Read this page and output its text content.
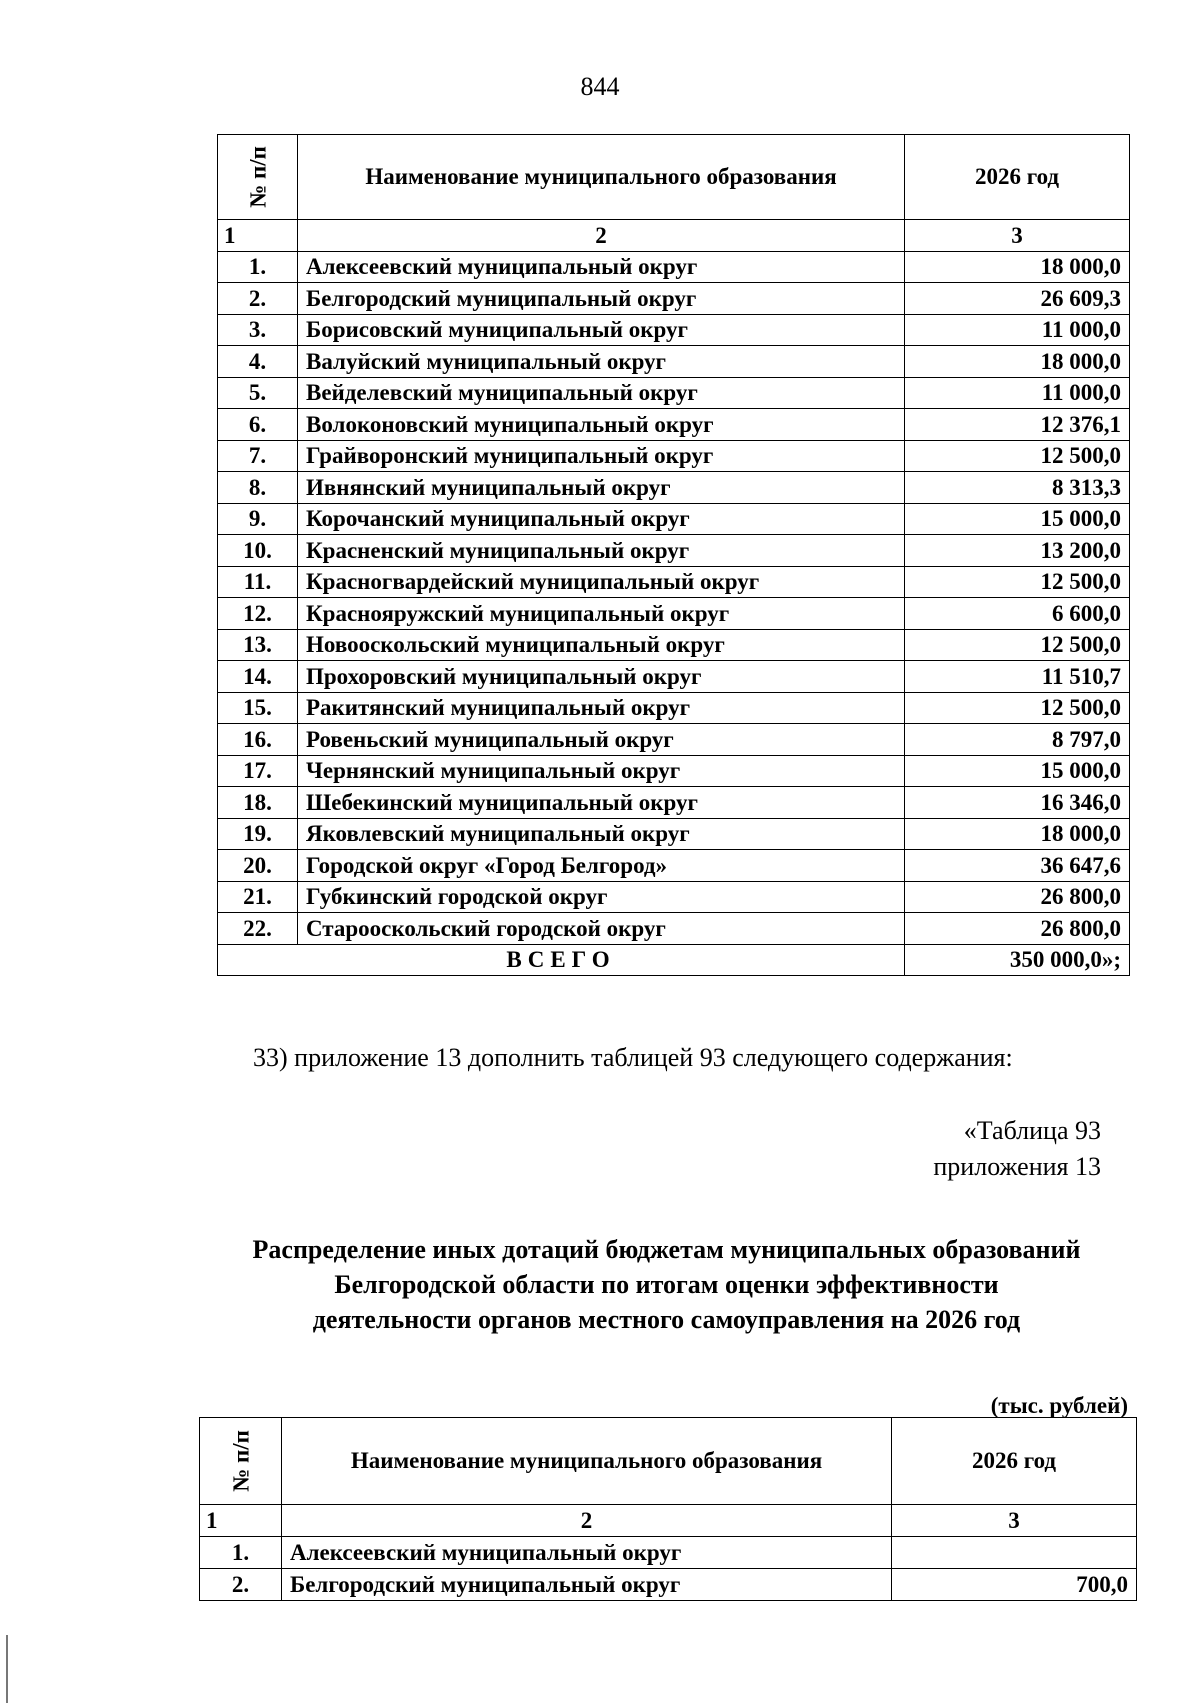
844
№ п/п	Наименование муниципального образования	2026 год
1	2	3
1.	Алексеевский муниципальный округ	18 000,0
2.	Белгородский муниципальный округ	26 609,3
3.	Борисовский муниципальный округ	11 000,0
4.	Валуйский муниципальный округ	18 000,0
5.	Вейделевский муниципальный округ	11 000,0
6.	Волоконовский муниципальный округ	12 376,1
7.	Грайворонский муниципальный округ	12 500,0
8.	Ивнянский муниципальный округ	8 313,3
9.	Корочанский муниципальный округ	15 000,0
10.	Красненский муниципальный округ	13 200,0
11.	Красногвардейский муниципальный округ	12 500,0
12.	Краснояружский муниципальный округ	6 600,0
13.	Новооскольский муниципальный округ	12 500,0
14.	Прохоровский муниципальный округ	11 510,7
15.	Ракитянский муниципальный округ	12 500,0
16.	Ровеньский муниципальный округ	8 797,0
17.	Чернянский муниципальный округ	15 000,0
18.	Шебекинский муниципальный округ	16 346,0
19.	Яковлевский муниципальный округ	18 000,0
20.	Городской округ «Город Белгород»	36 647,6
21.	Губкинский городской округ	26 800,0
22.	Старооскольский городской округ	26 800,0
ВСЕГО		350 000,0»;
33) приложение 13 дополнить таблицей 93 следующего содержания:
«Таблица 93
приложения 13
Распределение иных дотаций бюджетам муниципальных образований
Белгородской области по итогам оценки эффективности
деятельности органов местного самоуправления на 2026 год
(тыс. рублей)
№ п/п	Наименование муниципального образования	2026 год
1	2	3
1.	Алексеевский муниципальный округ	
2.	Белгородский муниципальный округ	700,0
